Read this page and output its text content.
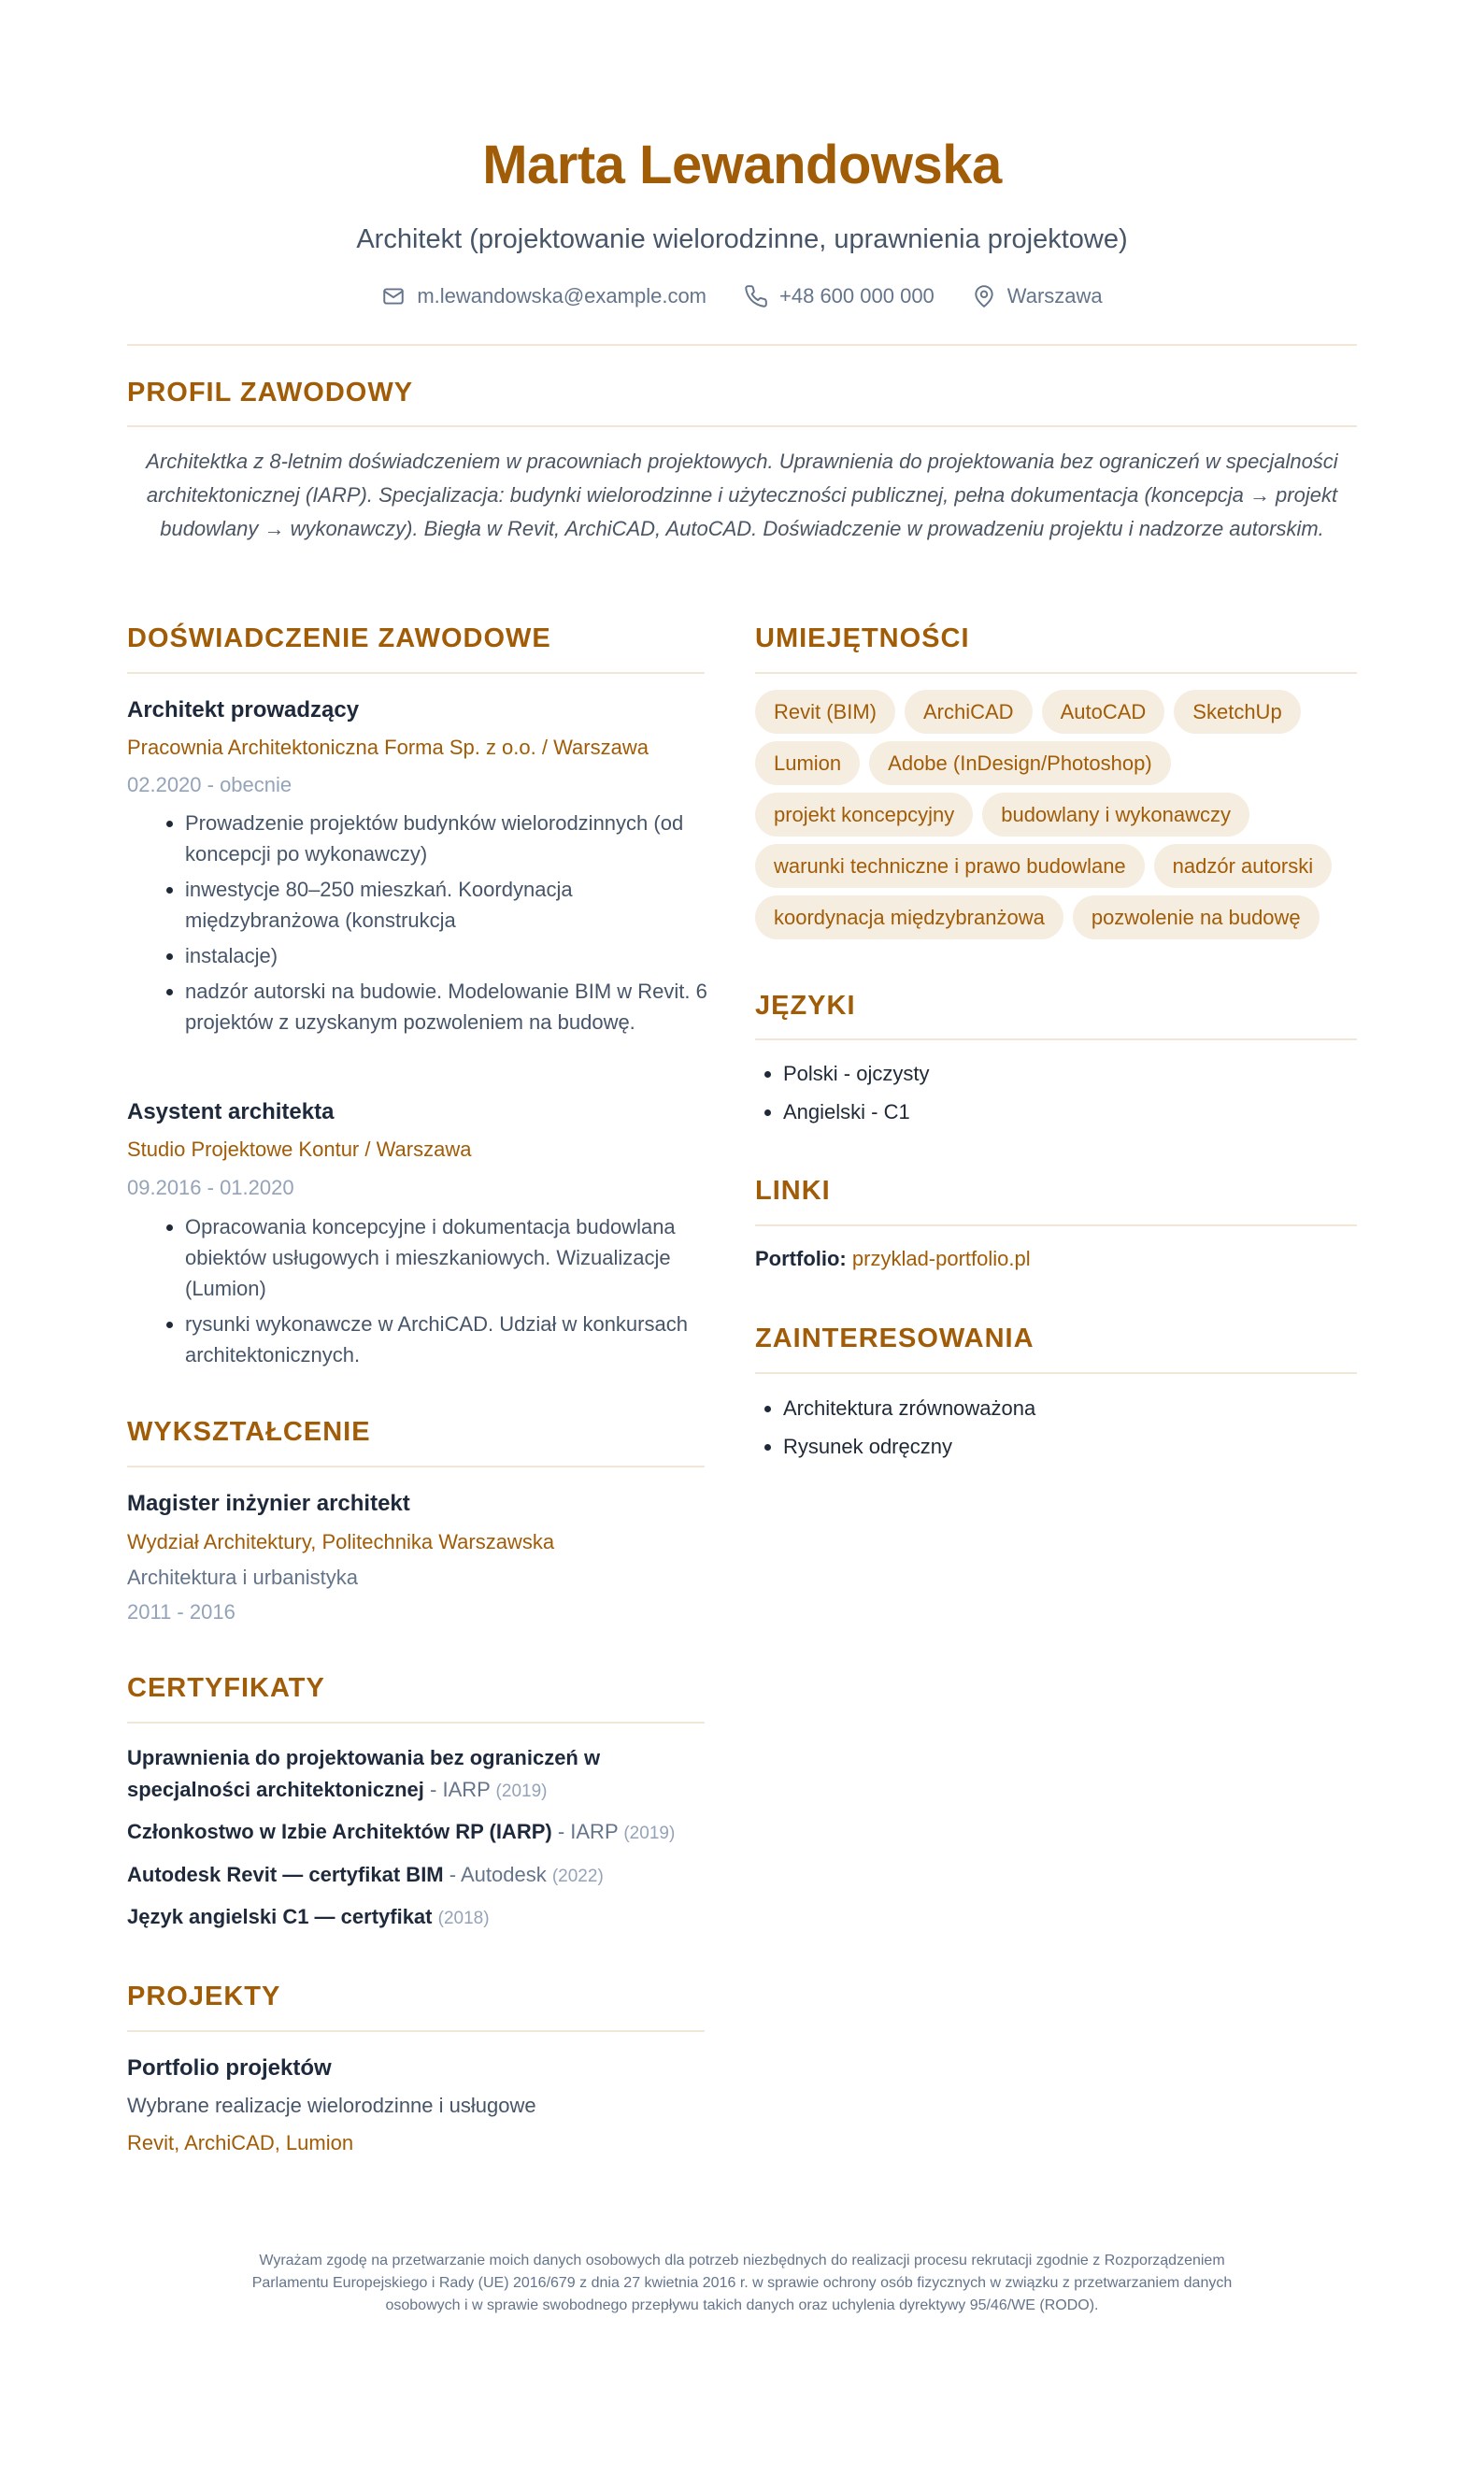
Marta Lewandowska
Architekt (projektowanie wielorodzinne, uprawnienia projektowe)
m.lewandowska@example.com	+48 600 000 000	Warszawa
PROFIL ZAWODOWY
Architektka z 8-letnim doświadczeniem w pracowniach projektowych. Uprawnienia do projektowania bez ograniczeń w specjalności architektonicznej (IARP). Specjalizacja: budynki wielorodzinne i użyteczności publicznej, pełna dokumentacja (koncepcja → projekt budowlany → wykonawczy). Biegła w Revit, ArchiCAD, AutoCAD. Doświadczenie w prowadzeniu projektu i nadzorze autorskim.
DOŚWIADCZENIE ZAWODOWE
Architekt prowadzący
Pracownia Architektoniczna Forma Sp. z o.o. / Warszawa
02.2020 - obecnie
• Prowadzenie projektów budynków wielorodzinnych (od koncepcji po wykonawczy)
• inwestycje 80–250 mieszkań. Koordynacja międzybranżowa (konstrukcja
• instalacje)
• nadzór autorski na budowie. Modelowanie BIM w Revit. 6 projektów z uzyskanym pozwoleniem na budowę.
Asystent architekta
Studio Projektowe Kontur / Warszawa
09.2016 - 01.2020
• Opracowania koncepcyjne i dokumentacja budowlana obiektów usługowych i mieszkaniowych. Wizualizacje (Lumion)
• rysunki wykonawcze w ArchiCAD. Udział w konkursach architektonicznych.
WYKSZTAŁCENIE
Magister inżynier architekt
Wydział Architektury, Politechnika Warszawska
Architektura i urbanistyka
2011 - 2016
CERTYFIKATY
Uprawnienia do projektowania bez ograniczeń w specjalności architektonicznej - IARP (2019)
Członkostwo w Izbie Architektów RP (IARP) - IARP (2019)
Autodesk Revit — certyfikat BIM - Autodesk (2022)
Język angielski C1 — certyfikat (2018)
PROJEKTY
Portfolio projektów
Wybrane realizacje wielorodzinne i usługowe
Revit, ArchiCAD, Lumion
UMIEJĘTNOŚCI
Revit (BIM)	ArchiCAD	AutoCAD	SketchUp
Lumion	Adobe (InDesign/Photoshop)
projekt koncepcyjny	budowlany i wykonawczy
warunki techniczne i prawo budowlane	nadzór autorski
koordynacja międzybranżowa	pozwolenie na budowę
JĘZYKI
• Polski - ojczysty
• Angielski - C1
LINKI
Portfolio: przyklad-portfolio.pl
ZAINTERESOWANIA
• Architektura zrównoważona
• Rysunek odręczny
Wyrażam zgodę na przetwarzanie moich danych osobowych dla potrzeb niezbędnych do realizacji procesu rekrutacji zgodnie z Rozporządzeniem Parlamentu Europejskiego i Rady (UE) 2016/679 z dnia 27 kwietnia 2016 r. w sprawie ochrony osób fizycznych w związku z przetwarzaniem danych osobowych i w sprawie swobodnego przepływu takich danych oraz uchylenia dyrektywy 95/46/WE (RODO).
